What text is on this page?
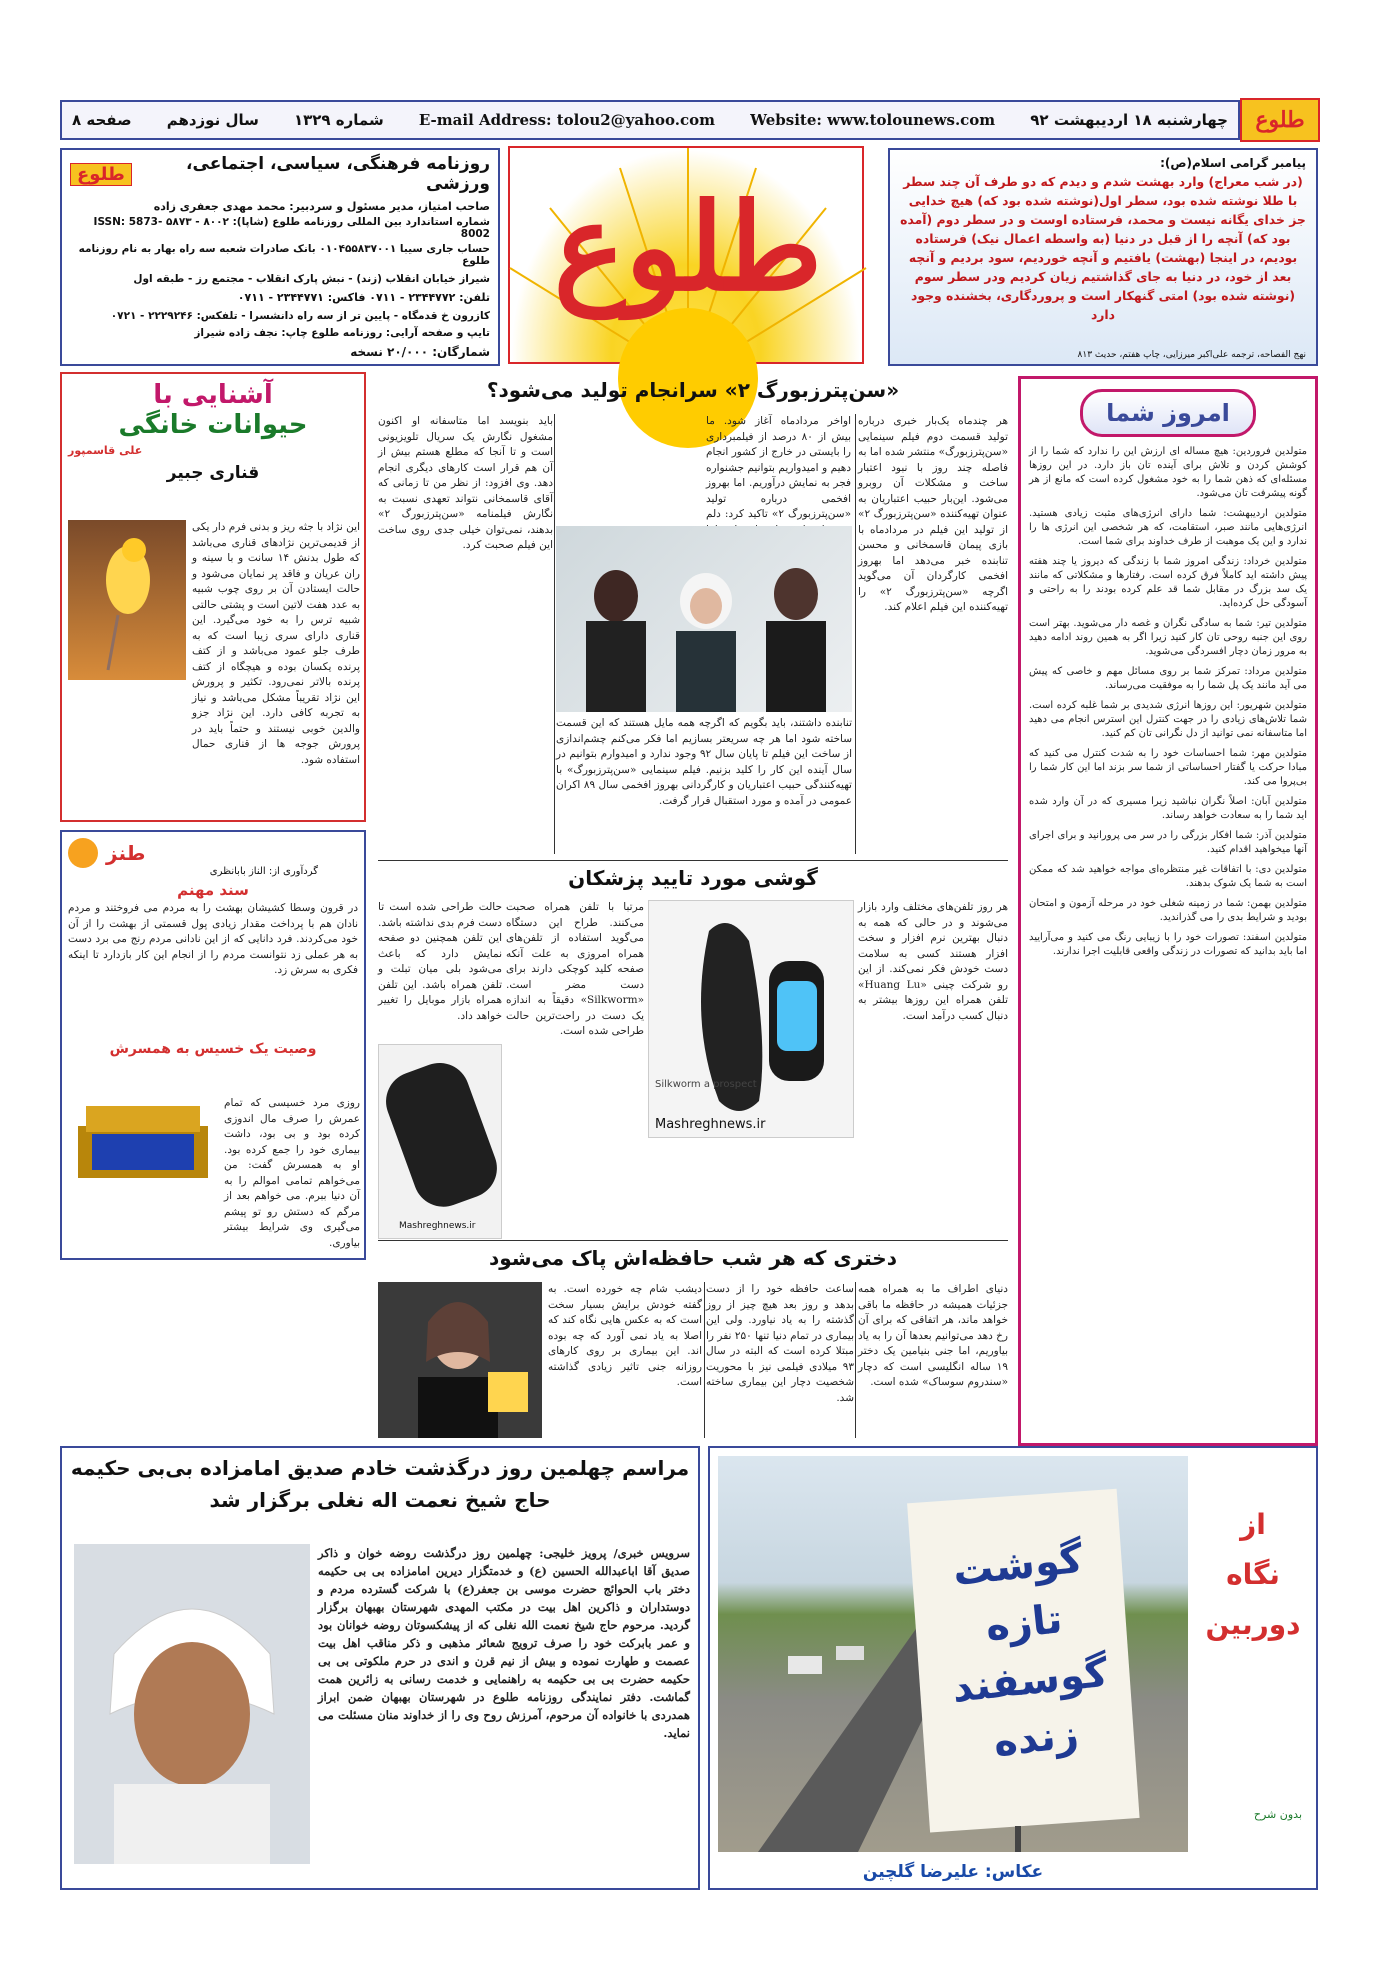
طلوع
صفحه ۸ سال نوزدهم شماره ۱۳۲۹ E-mail Address: tolou2@yahoo.com Website: www.tolounews.com چهارشنبه ۱۸ اردیبهشت ۹۲
پیامبر گرامی اسلام(ص):
(در شب معراج) وارد بهشت شدم و دیدم که دو طرف آن چند سطر با طلا نوشته شده بود، سطر اول(نوشته شده بود که) هیچ خدایی جز خدای یگانه نیست و محمد، فرستاده اوست و در سطر دوم (آمده بود که) آنچه را از قبل در دنیا (به واسطه اعمال نیک) فرستاده بودیم، در اینجا (بهشت) یافتیم و آنچه خوردیم، سود بردیم و آنچه بعد از خود، در دنیا به جای گذاشتیم زیان کردیم ودر سطر سوم (نوشته شده بود) امتی گنهکار است و پروردگاری، بخشنده وجود دارد
نهج الفصاحه، ترجمه علی‌اکبر میرزایی، چاپ هفتم، حدیث ۸۱۳
طلوع
طلوع	روزنامه فرهنگی، سیاسی، اجتماعی، ورزشی
صاحب امتیاز، مدیر مسئول و سردبیر: محمد مهدی جعفری زاده
شماره استاندارد بین المللی روزنامه طلوع (شاپا): ۸۰۰۲ - ۵۸۷۳ ISSN: 5873-8002
حساب جاری سیبا ۰۱۰۴۵۵۸۳۷۰۰۱ بانک صادرات شعبه سه راه بهار به نام روزنامه طلوع
شیراز خیابان انقلاب (زند) - نبش پارک انقلاب - مجتمع رز - طبقه اول
تلفن: ۲۳۴۴۷۷۲ - ۰۷۱۱ فاکس: ۲۳۴۴۷۷۱ - ۰۷۱۱
کازرون خ قدمگاه - پایین تر از سه راه دانشسرا - تلفکس: ۲۲۲۹۲۴۶ - ۰۷۲۱
تایپ و صفحه آرایی: روزنامه طلوع چاپ: نجف زاده شیراز
شمارگان: ۲۰/۰۰۰ نسخه
امروز شما

متولدین فروردین: هیچ مساله ای ارزش این را ندارد که شما را از کوشش کردن و تلاش برای آینده تان باز دارد. در این روزها مسئله‌ای که ذهن شما را به خود مشغول کرده است که مانع از هر گونه پیشرفت تان می‌شود.

متولدین اردیبهشت: شما دارای انرژی‌های مثبت زیادی هستید. انرژی‌هایی مانند صبر، استقامت، که هر شخصی این انرژی ها را ندارد و این یک موهبت از طرف خداوند برای شما است.

متولدین خرداد: زندگی امروز شما با زندگی که دیروز یا چند هفته پیش داشته اید کاملاً فرق کرده است. رفتارها و مشکلاتی که مانند یک سد بزرگ در مقابل شما قد علم کرده بودند را به راحتی و آسودگی حل کرده‌اید.

متولدین تیر: شما به سادگی نگران و غصه دار می‌شوید. بهتر است روی این جنبه روحی تان کار کنید زیرا اگر به همین روند ادامه دهید به مرور زمان دچار افسردگی می‌شوید.

متولدین مرداد: تمرکز شما بر روی مسائل مهم و خاصی که پیش می آید مانند یک پل شما را به موفقیت می‌رساند.

متولدین شهریور: این روزها انرژی شدیدی بر شما غلبه کرده است. شما تلاش‌های زیادی را در جهت کنترل این استرس انجام می دهید اما متاسفانه نمی توانید از دل نگرانی تان کم کنید.

متولدین مهر: شما احساسات خود را به شدت کنترل می کنید که مبادا حرکت یا گفتار احساساتی از شما سر بزند اما این کار شما را بی‌پروا می کند.

متولدین آبان: اصلاً نگران نباشید زیرا مسیری که در آن وارد شده اید شما را به سعادت خواهد رساند.

متولدین آذر: شما افکار بزرگی را در سر می پرورانید و برای اجرای آنها میخواهید اقدام کنید.

متولدین دی: با اتفاقات غیر منتظره‌ای مواجه خواهید شد که ممکن است به شما یک شوک بدهند.

متولدین بهمن: شما در زمینه شغلی خود در مرحله آزمون و امتحان بودید و شرایط بدی را می گذراندید.

متولدین اسفند: تصورات خود را با زیبایی رنگ می کنید و می‌آرایید اما باید بدانید که تصورات در زندگی واقعی قابلیت اجرا ندارند.

«سن‌پترزبورگ ۲» سرانجام تولید می‌شود؟
هر چندماه یک‌بار خبری درباره تولید قسمت دوم فیلم سینمایی «سن‌پترزبورگ» منتشر شده اما به فاصله چند روز با نبود اعتبار ساخت و مشکلات آن روبرو می‌شود. این‌بار حبیب اعتباریان به عنوان تهیه‌کننده «سن‌پترزبورگ ۲» از تولید این فیلم در مردادماه با بازی پیمان قاسمخانی و محسن تنابنده خبر می‌دهد اما بهروز افخمی کارگردان آن می‌گوید اگرچه «سن‌پترزبورگ ۲» را تهیه‌کننده این فیلم اعلام کند.
اواخر مردادماه آغاز شود. ما بیش از ۸۰ درصد از فیلمبرداری را بایستی در خارج از کشور انجام دهیم و امیدواریم بتوانیم جشنواره فجر به نمایش درآوریم. اما بهروز افخمی درباره تولید «سن‌پترزبورگ ۲» تاکید کرد: دلم
باید بنویسد اما متاسفانه او اکنون مشغول نگارش یک سریال تلویزیونی است و تا آنجا که مطلع هستم بیش از آن هم قرار است کارهای دیگری انجام دهد. وی افزود: از نظر من تا زمانی که آقای قاسمخانی نتواند تعهدی نسبت به نگارش فیلمنامه «سن‌پترزبورگ ۲» بدهند، نمی‌توان خیلی جدی روی ساخت این فیلم صحبت کرد.
تنابنده داشتند، باید بگویم که اگرچه همه مایل هستند که این قسمت ساخته شود اما هر چه سریعتر بسازیم اما فکر می‌کنم چشم‌اندازی از ساخت این فیلم تا پایان سال ۹۲ وجود ندارد و امیدوارم بتوانیم در سال آینده این کار را کلید بزنیم. فیلم سینمایی «سن‌پترزبورگ» با تهیه‌کنندگی حبیب اعتباریان و کارگردانی بهروز افخمی سال ۸۹ اکران عمومی در آمده و مورد استقبال قرار گرفت.
گوشی مورد تایید پزشکان
هر روز تلفن‌های مختلف وارد بازار می‌شوند و در حالی که همه به دنبال بهترین نرم افزار و سخت افزار هستند کسی به سلامت دست خودش فکر نمی‌کند. از این رو شرکت چینی «Huang Lu» تلفن همراه این روزها بیشتر به دنبال کسب درآمد است.
Silkworm a prospect
Mashreghnews.ir
مرتبا با تلفن همراه صحبت می‌کنند. طراح این دستگاه می‌گوید استفاده از تلفن‌های همراه امروزی به علت آنکه صفحه کلید کوچکی دارند برای دست مضر است. «Silkworm» دقیقاً به اندازه یک دست در راحت‌ترین حالت طراحی شده است.
حالت طراحی شده است تا دست فرم بدی نداشته باشد. این تلفن همچنین دو صفحه نمایش دارد که باعث می‌شود بلی میان تبلت و تلفن همراه باشد. این تلفن همراه بازار موبایل را تغییر خواهد داد.
Mashreghnews.ir
آشنایی با
حیوانات خانگی
علی قاسمپور
قناری جبیر
این نژاد با جثه ریز و بدنی فرم دار یکی از قدیمی‌ترین نژادهای قناری می‌باشد که طول بدنش ۱۴ سانت و با سینه و ران عریان و فاقد پر نمایان می‌شود و حالت ایستادن آن بر روی چوب شبیه به عدد هفت لاتین است و پشتی حالتی شبیه ترس را به خود می‌گیرد. این قناری دارای سری زیبا است که به طرف جلو عمود می‌باشد و از کتف پرنده یکسان بوده و هیچگاه از کتف پرنده بالاتر نمی‌رود. تکثیر و پرورش این نژاد تقریباً مشکل می‌باشد و نیاز به تجربه کافی دارد. این نژاد جزو والدین خوبی نیستند و حتماً باید در پرورش جوجه ها از قناری حمال استفاده شود.
طنز
گردآوری از: الناز بابانظری
سند مهنم
در قرون وسطا کشیشان بهشت را به مردم می فروختند و مردم نادان هم با پرداخت مقدار زیادی پول قسمتی از بهشت را از آن خود می‌کردند. فرد دانایی که از این نادانی مردم رنج می برد دست به هر عملی زد نتوانست مردم را از انجام این کار بازدارد تا اینکه فکری به سرش زد.
وصیت یک خسیس به همسرش
روزی مرد خسیسی که تمام عمرش را صرف مال اندوزی کرده بود و بی بود، داشت بیماری خود را جمع کرده بود. او به همسرش گفت: من می‌خواهم تمامی اموالم را به آن دنیا ببرم. می خواهم بعد از مرگم که دستش رو تو پیشم می‌گیری وی شرایط بیشتر بیاوری.
دختری که هر شب حافظه‌اش پاک می‌شود
دنیای اطراف ما به همراه همه جزئیات همیشه در حافظه ما باقی خواهد ماند، هر اتفاقی که برای آن رخ دهد می‌توانیم بعدها آن را به یاد بیاوریم، اما جنی بنیامین یک دختر ۱۹ ساله انگلیسی است که دچار «سندروم سوساک» شده است.
ساعت حافظه خود را از دست بدهد و روز بعد هیچ چیز از روز گذشته را به یاد نیاورد. ولی این بیماری در تمام دنیا تنها ۲۵۰ نفر را مبتلا کرده است که البته در سال ۹۳ میلادی فیلمی نیز با محوریت شخصیت دچار این بیماری ساخته شد.
دیشب شام چه خورده است. به گفته خودش برایش بسیار سخت است که به عکس هایی نگاه کند که اصلا به یاد نمی آورد که چه بوده اند. این بیماری بر روی کارهای روزانه جنی تاثیر زیادی گذاشته است.
مراسم چهلمین روز درگذشت خادم صدیق امامزاده بی‌بی حکیمه
حاج شیخ نعمت اله نغلی برگزار شد
سرویس خبری/ پرویز خلیجی: چهلمین روز درگذشت روضه خوان و ذاکر صدیق آقا اباعبدالله الحسین (ع) و خدمتگزار دیرین امامزاده بی بی حکیمه دختر باب الحوائج حضرت موسی بن جعفر(ع) با شرکت گسترده مردم و دوستداران و ذاکرین اهل بیت در مکتب المهدی شهرستان بهبهان برگزار گردید. مرحوم حاج شیخ نعمت الله نغلی که از پیشکسوتان روضه خوانان بود و عمر بابرکت خود را صرف ترویج شعائر مذهبی و ذکر مناقب اهل بیت عصمت و طهارت نموده و بیش از نیم قرن و اندی در حرم ملکوتی بی بی حکیمه حضرت بی بی حکیمه به راهنمایی و خدمت رسانی به زائرین همت گماشت. دفتر نمایندگی روزنامه طلوع در شهرستان بهبهان ضمن ابراز همدردی با خانواده آن مرحوم، آمرزش روح وی را از خداوند منان مسئلت می نماید.
گوشت تازه گوسفند زنده
عکاس: علیرضا گلچین
از
نگاه
دوربین
بدون شرح
